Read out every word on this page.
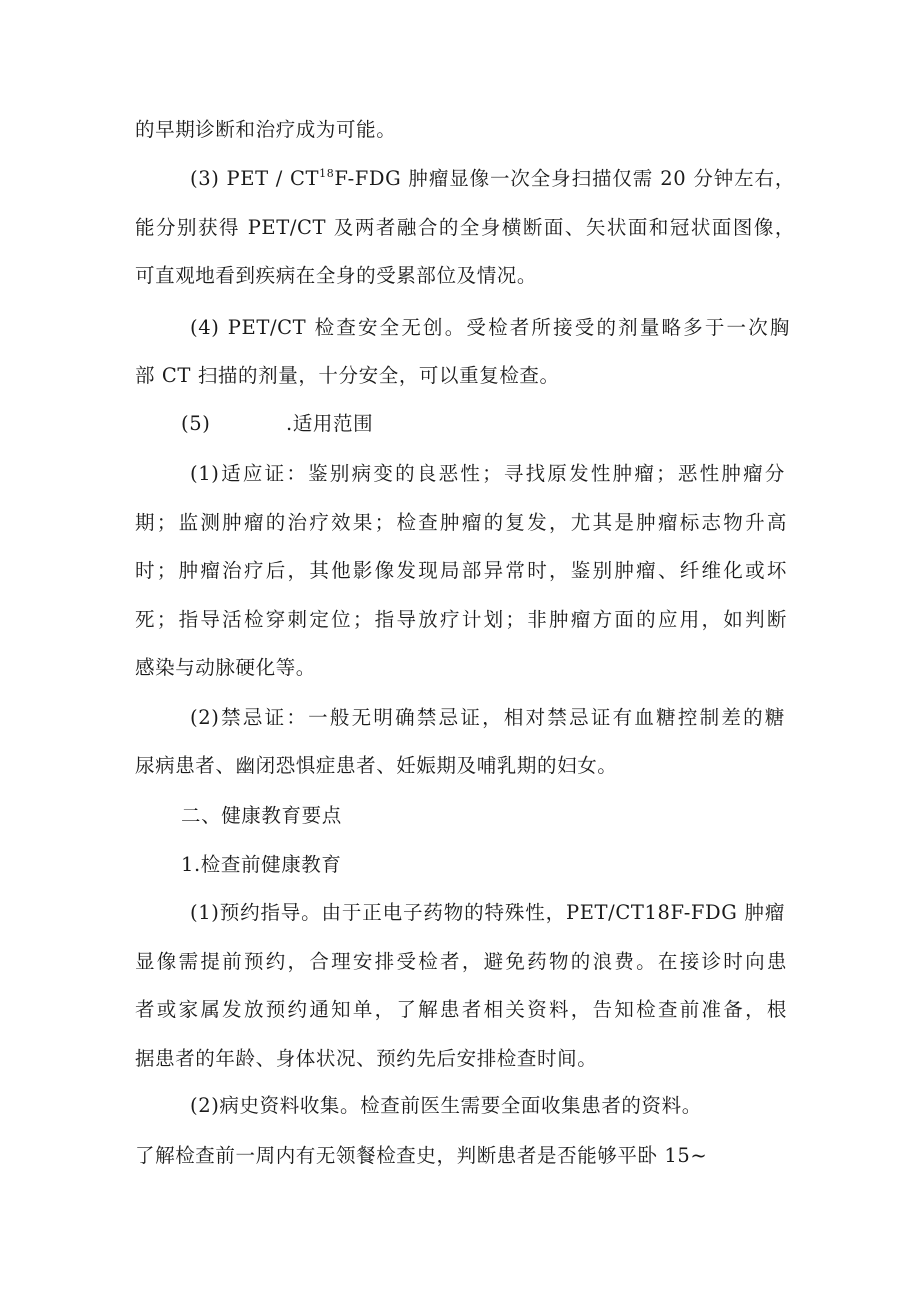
的早期诊断和治疗成为可能。
(3) PET / CT$^{18}$F-FDG 肿瘤显像一次全身扫描仅需 20 分钟左右，
能分别获得 PET/CT 及两者融合的全身横断面、矢状面和冠状面图像，
可直观地看到疾病在全身的受累部位及情况。
(4) PET/CT 检查安全无创。受检者所接受的剂量略多于一次胸
部 CT 扫描的剂量，十分安全，可以重复检查。
(5)	.适用范围
(1)适应证：鉴别病变的良恶性；寻找原发性肿瘤；恶性肿瘤分
期；监测肿瘤的治疗效果；检查肿瘤的复发，尤其是肿瘤标志物升高
时；肿瘤治疗后，其他影像发现局部异常时，鉴别肿瘤、纤维化或坏
死；指导活检穿刺定位；指导放疗计划；非肿瘤方面的应用，如判断
感染与动脉硬化等。
(2)禁忌证：一般无明确禁忌证，相对禁忌证有血糖控制差的糖
尿病患者、幽闭恐惧症患者、妊娠期及哺乳期的妇女。
二、健康教育要点
1.检查前健康教育
(1)预约指导。由于正电子药物的特殊性，PET/CT18F-FDG 肿瘤
显像需提前预约，合理安排受检者，避免药物的浪费。在接诊时向患
者或家属发放预约通知单，了解患者相关资料，告知检查前准备，根
据患者的年龄、身体状况、预约先后安排检查时间。
(2)病史资料收集。检查前医生需要全面收集患者的资料。
了解检查前一周内有无领餐检查史，判断患者是否能够平卧 15~
